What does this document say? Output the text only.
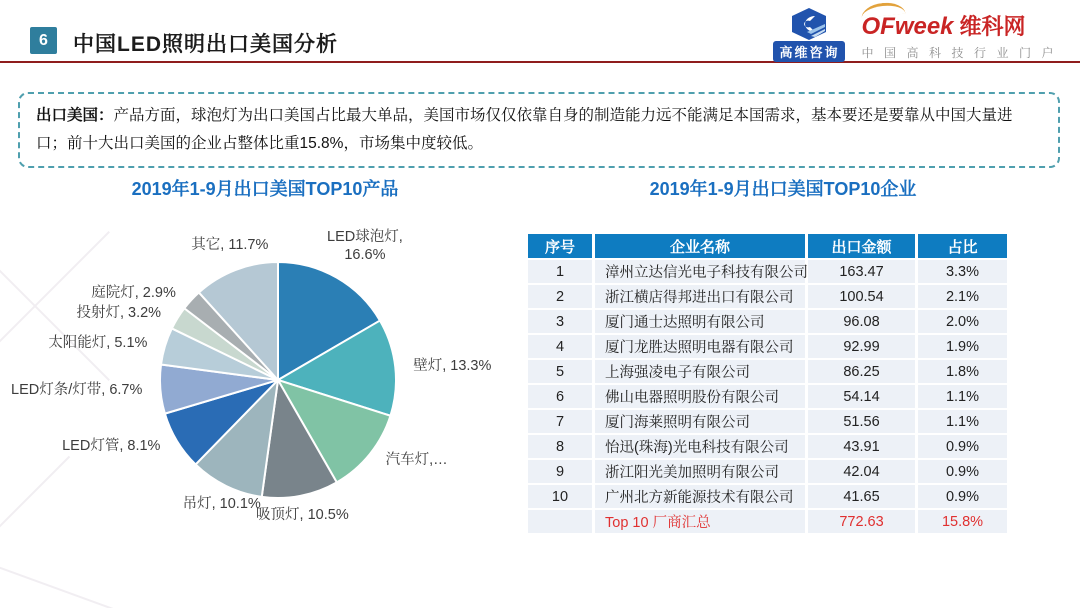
6	中国LED照明出口美国分析	高维咨询
OFweek 维科网
中国高科技行业门户
出口美国：产品方面，球泡灯为出口美国占比最大单品，美国市场仅仅依靠自身的制造能力远不能满足本国需求，基本要还是要靠从中国大量进口；前十大出口美国的企业占整体比重15.8%，市场集中度较低。
2019年1-9月出口美国TOP10产品	2019年1-9月出口美国TOP10企业
LED球泡灯, 16.6%
壁灯, 13.3%
汽车灯,…
吸顶灯, 10.5%
吊灯, 10.1%
LED灯管, 8.1%
LED灯条/灯带, 6.7%
太阳能灯, 5.1%
投射灯, 3.2%
庭院灯, 2.9%
其它, 11.7%	序号	企业名称	出口金额	占比
1	漳州立达信光电子科技有限公司	163.47	3.3%
2	浙江横店得邦进出口有限公司	100.54	2.1%
3	厦门通士达照明有限公司	96.08	2.0%
4	厦门龙胜达照明电器有限公司	92.99	1.9%
5	上海强凌电子有限公司	86.25	1.8%
6	佛山电器照明股份有限公司	54.14	1.1%
7	厦门海莱照明有限公司	51.56	1.1%
8	怡迅(珠海)光电科技有限公司	43.91	0.9%
9	浙江阳光美加照明有限公司	42.04	0.9%
10	广州北方新能源技术有限公司	41.65	0.9%
	Top 10 厂商汇总	772.63	15.8%
